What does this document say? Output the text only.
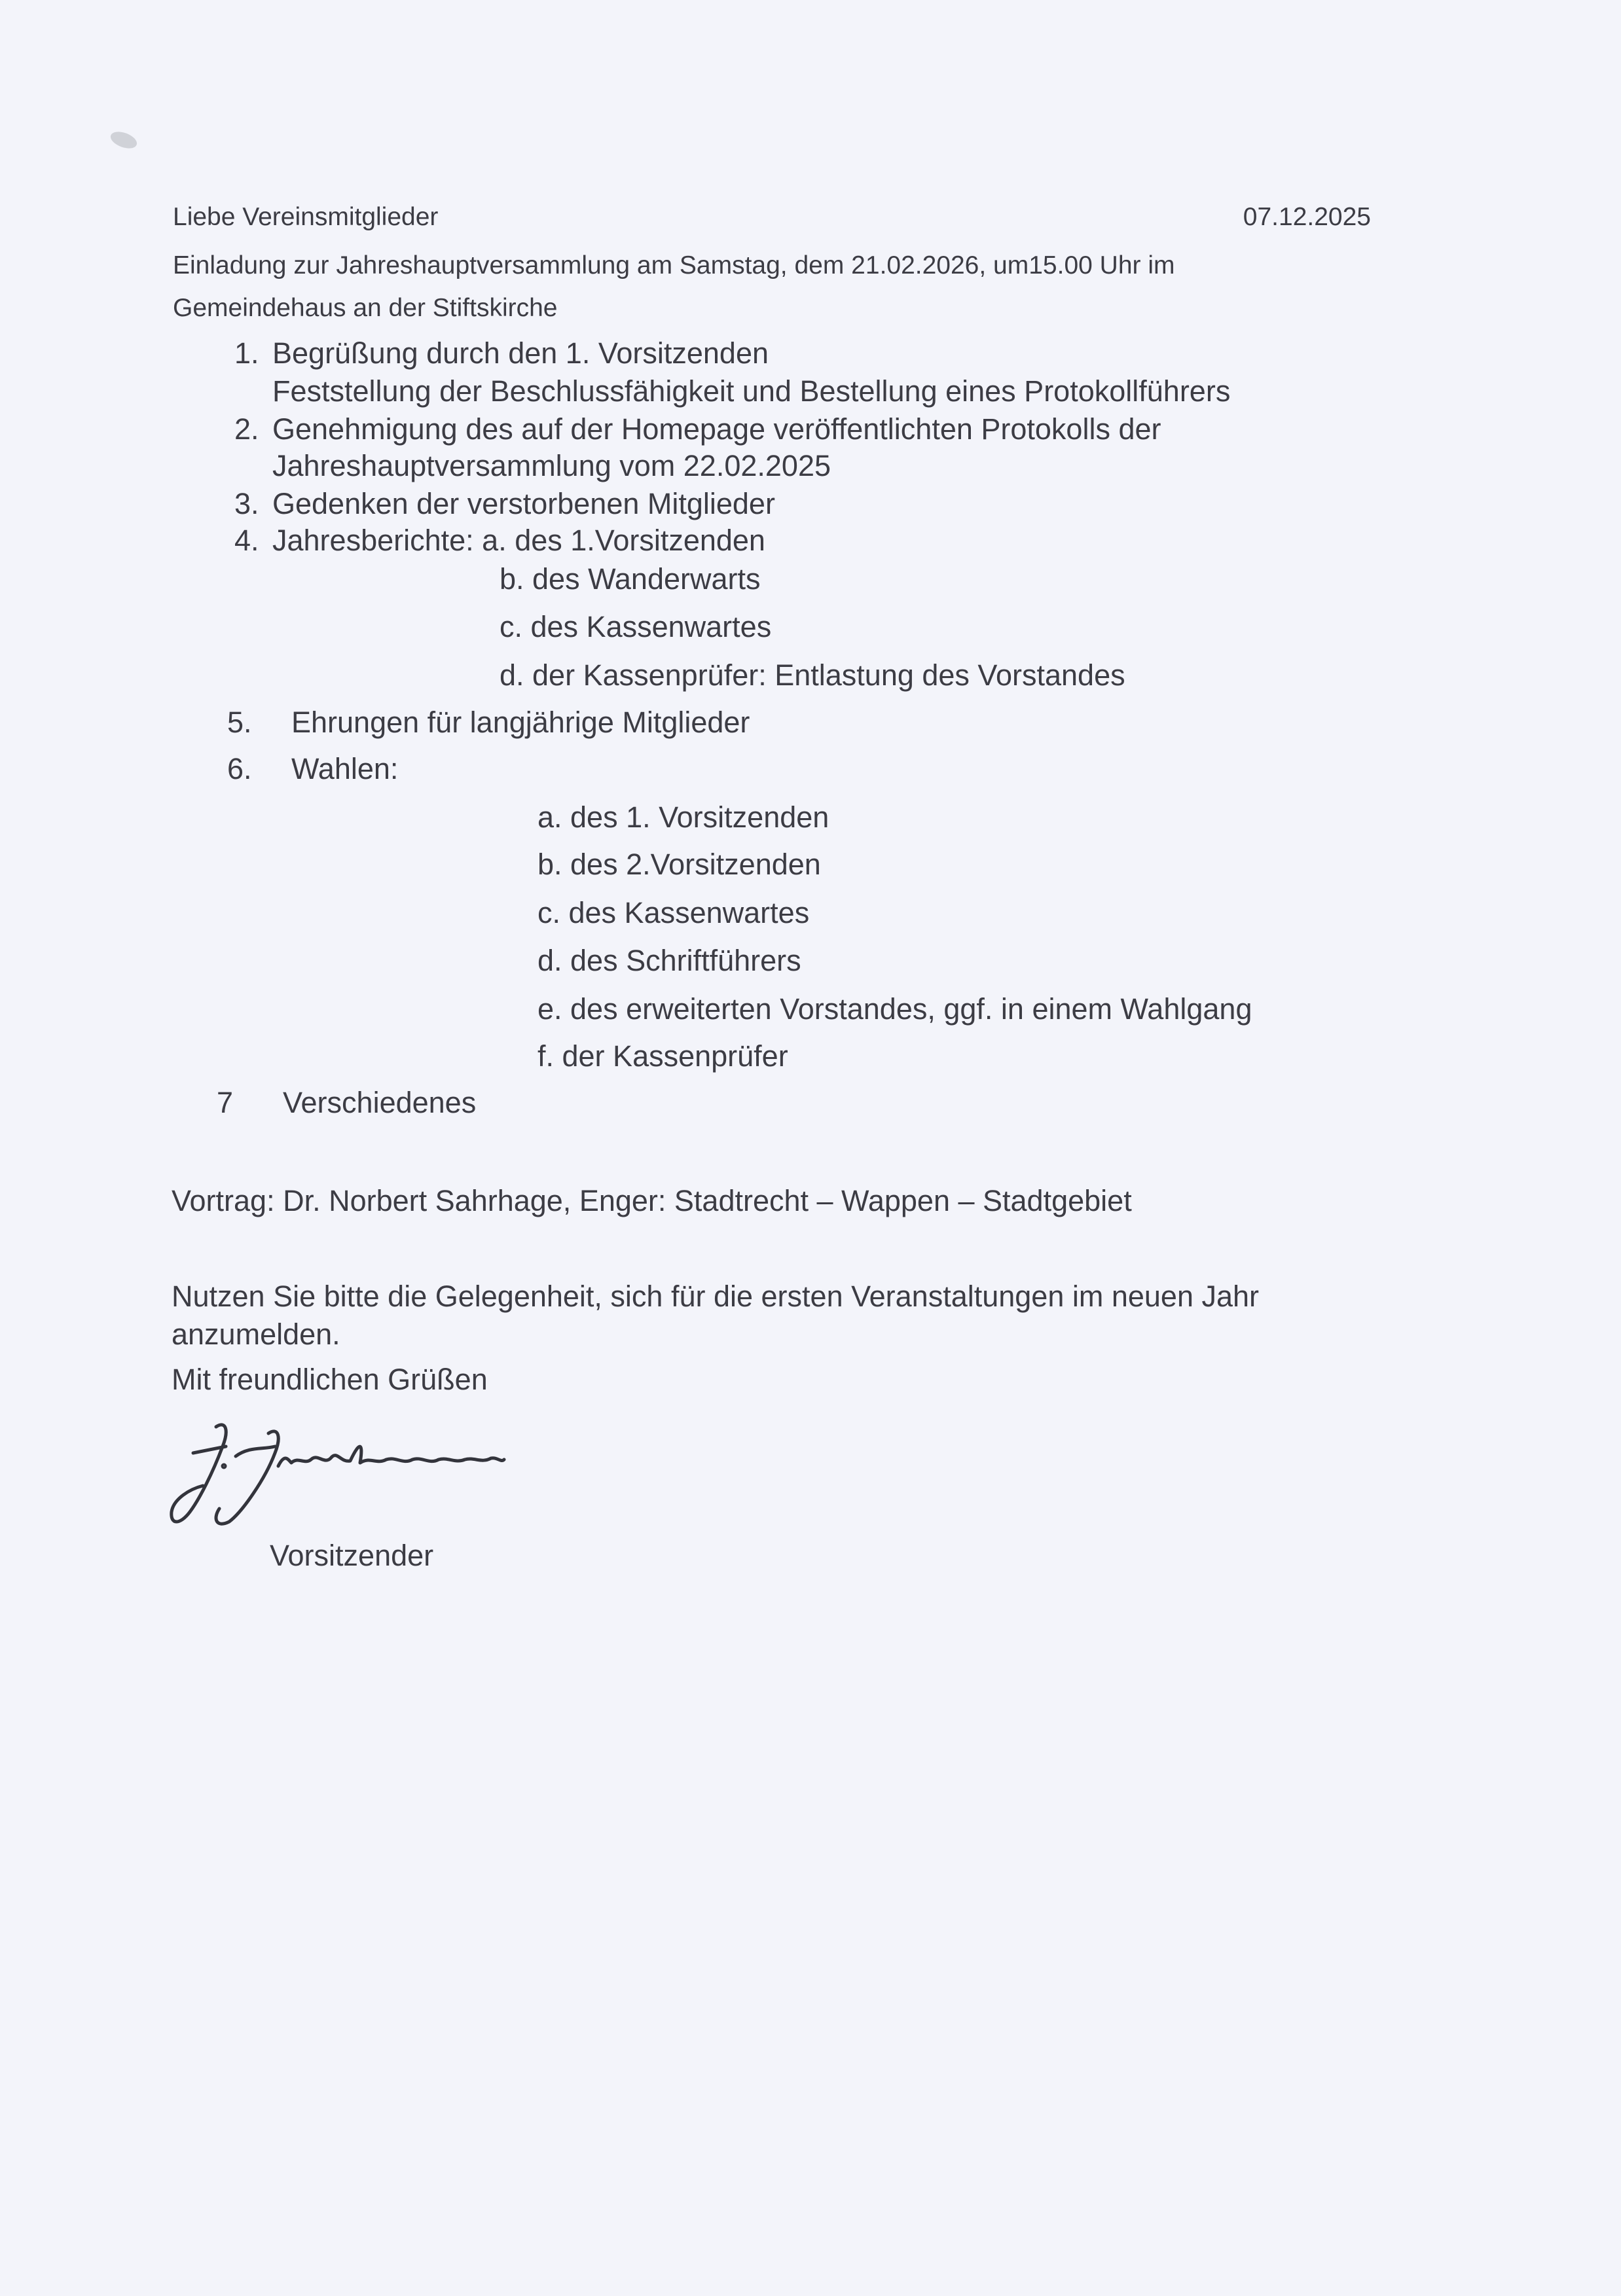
Liebe Vereinsmitglieder	07.12.2025
Einladung zur Jahreshauptversammlung am Samstag, dem 21.02.2026, um15.00 Uhr im
Gemeindehaus an der Stiftskirche
1. Begrüßung durch den 1. Vorsitzenden
Feststellung der Beschlussfähigkeit und Bestellung eines Protokollführers
2. Genehmigung des auf der Homepage veröffentlichten Protokolls der
Jahreshauptversammlung vom 22.02.2025
3. Gedenken der verstorbenen Mitglieder
4. Jahresberichte: a. des 1.Vorsitzenden
b. des Wanderwarts
c. des Kassenwartes
d. der Kassenprüfer: Entlastung des Vorstandes
5. Ehrungen für langjährige Mitglieder
6. Wahlen:
a. des 1. Vorsitzenden
b. des 2.Vorsitzenden
c. des Kassenwartes
d. des Schriftführers
e. des erweiterten Vorstandes, ggf. in einem Wahlgang
f. der Kassenprüfer
7 Verschiedenes
Vortrag: Dr. Norbert Sahrhage, Enger: Stadtrecht – Wappen – Stadtgebiet
Nutzen Sie bitte die Gelegenheit, sich für die ersten Veranstaltungen im neuen Jahr
anzumelden.
Mit freundlichen Grüßen
Vorsitzender
